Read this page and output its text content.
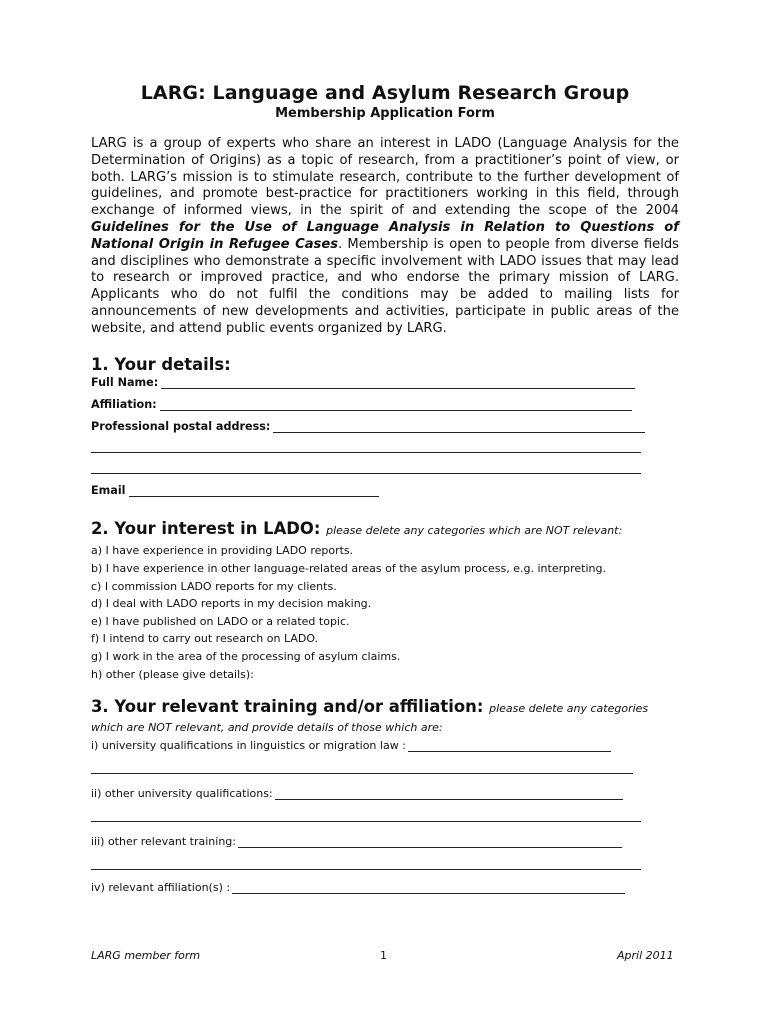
LARG: Language and Asylum Research Group
Membership Application Form

LARG is a group of experts who share an interest in LADO (Language Analysis for the Determination of Origins) as a topic of research, from a practitioner’s point of view, or both. LARG’s mission is to stimulate research, contribute to the further development of guidelines, and promote best-practice for practitioners working in this field, through exchange of informed views, in the spirit of and extending the scope of the 2004 Guidelines for the Use of Language Analysis in Relation to Questions of National Origin in Refugee Cases. Membership is open to people from diverse fields and disciplines who demonstrate a specific involvement with LADO issues that may lead to research or improved practice, and who endorse the primary mission of LARG. Applicants who do not fulfil the conditions may be added to mailing lists for announcements of new developments and activities, participate in public areas of the website, and attend public events organized by LARG.

1. Your details:
Full Name:
Affiliation:
Professional postal address:
Email
2. Your interest in LADO: please delete any categories which are NOT relevant:
a) I have experience in providing LADO reports.
b) I have experience in other language-related areas of the asylum process, e.g. interpreting.
c) I commission LADO reports for my clients.
d) I deal with LADO reports in my decision making.
e) I have published on LADO or a related topic.
f) I intend to carry out research on LADO.
g) I work in the area of the processing of asylum claims.
h) other (please give details):
3. Your relevant training and/or affiliation: please delete any categories which are NOT relevant, and provide details of those which are:
i) university qualifications in linguistics or migration law :
ii) other university qualifications:
iii) other relevant training:
iv) relevant affiliation(s) :
LARG member form	1	April 2011
